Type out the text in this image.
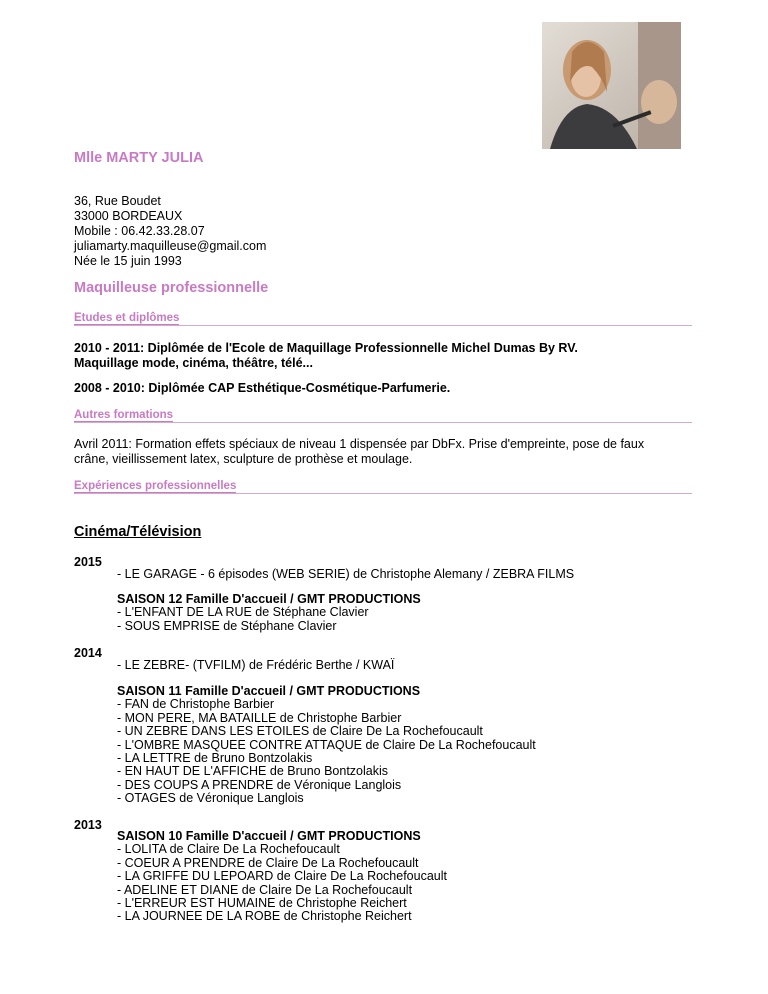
Mlle MARTY JULIA
36, Rue Boudet
33000 BORDEAUX
Mobile : 06.42.33.28.07
juliamarty.maquilleuse@gmail.com
Née le 15 juin 1993
Maquilleuse professionnelle
Etudes et diplômes
2010 - 2011: Diplômée de l'Ecole de Maquillage Professionnelle Michel Dumas By RV.
Maquillage mode, cinéma, théâtre, télé...
2008 - 2010: Diplômée CAP Esthétique-Cosmétique-Parfumerie.
Autres formations
Avril 2011: Formation effets spéciaux de niveau 1 dispensée par DbFx. Prise d'empreinte, pose de faux
crâne, vieillissement latex, sculpture de prothèse et moulage.
Expériences professionnelles
Cinéma/Télévision
2015
- LE GARAGE - 6 épisodes (WEB SERIE) de Christophe Alemany / ZEBRA FILMS
SAISON 12 Famille D'accueil / GMT PRODUCTIONS
- L'ENFANT DE LA RUE de Stéphane Clavier
- SOUS EMPRISE de Stéphane Clavier
2014
- LE ZEBRE- (TVFILM) de Frédéric Berthe / KWAÏ
SAISON 11 Famille D'accueil / GMT PRODUCTIONS
- FAN de Christophe Barbier
- MON PERE, MA BATAILLE de Christophe Barbier
- UN ZEBRE DANS LES ETOILES de Claire De La Rochefoucault
- L'OMBRE MASQUEE CONTRE ATTAQUE de Claire De La Rochefoucault
- LA LETTRE de Bruno Bontzolakis
- EN HAUT DE L'AFFICHE de Bruno Bontzolakis
- DES COUPS A PRENDRE de Véronique Langlois
- OTAGES de Véronique Langlois
2013
SAISON 10 Famille D'accueil / GMT PRODUCTIONS
- LOLITA de Claire De La Rochefoucault
- COEUR A PRENDRE de Claire De La Rochefoucault
- LA GRIFFE DU LEPOARD de Claire De La Rochefoucault
- ADELINE ET DIANE de Claire De La Rochefoucault
- L'ERREUR EST HUMAINE de Christophe Reichert
- LA JOURNEE DE LA ROBE de Christophe Reichert
